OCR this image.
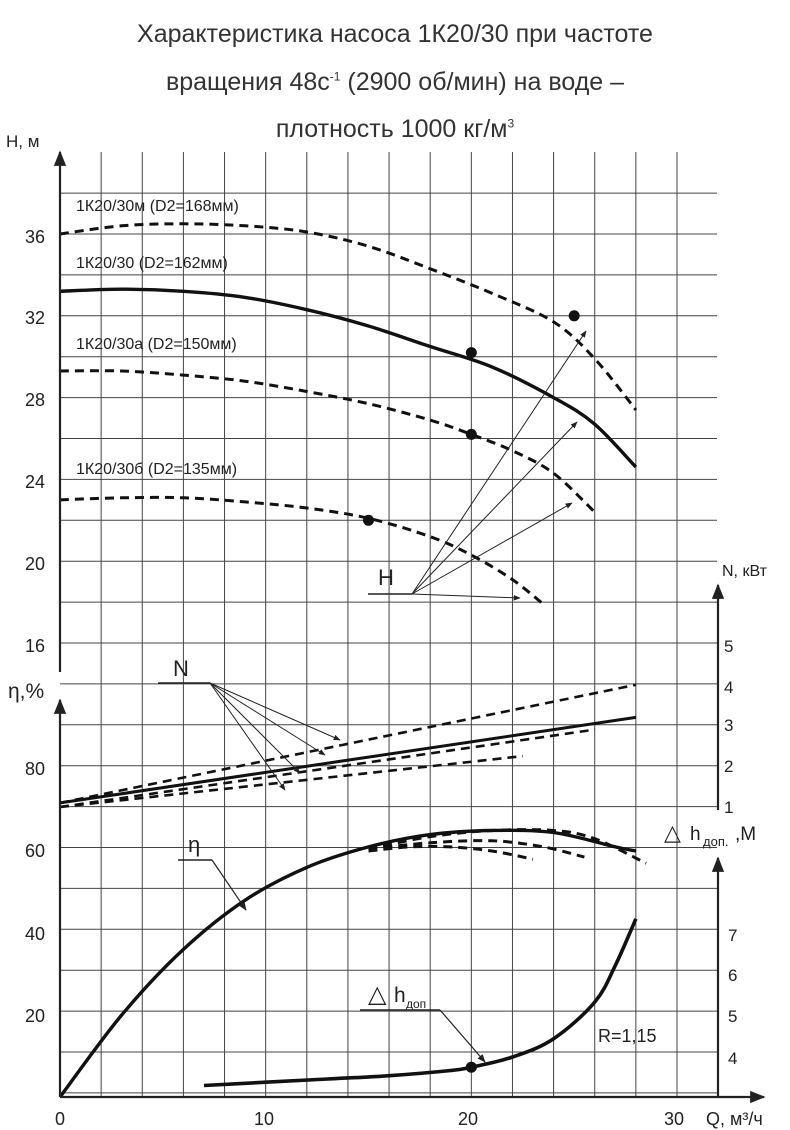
Характеристика насоса 1К20/30 при частоте
вращения $48с^{-1}$ (2900 об/мин) на воде –
плотность 1000 $кг/м^3$
H, м
η,%
N, кВт
Q, м³/ч
△ h доп. ,М
0	10	20	30
16
20
24
28
32
36
20
40
60
80
1
2
3
4
5
4
5
6
7
1К20/30м (D2=168мм)
1К20/30 (D2=162мм)
1К20/30а (D2=150мм)
1К20/30б (D2=135мм)
H
N
η
△ h доп
R=1,15
